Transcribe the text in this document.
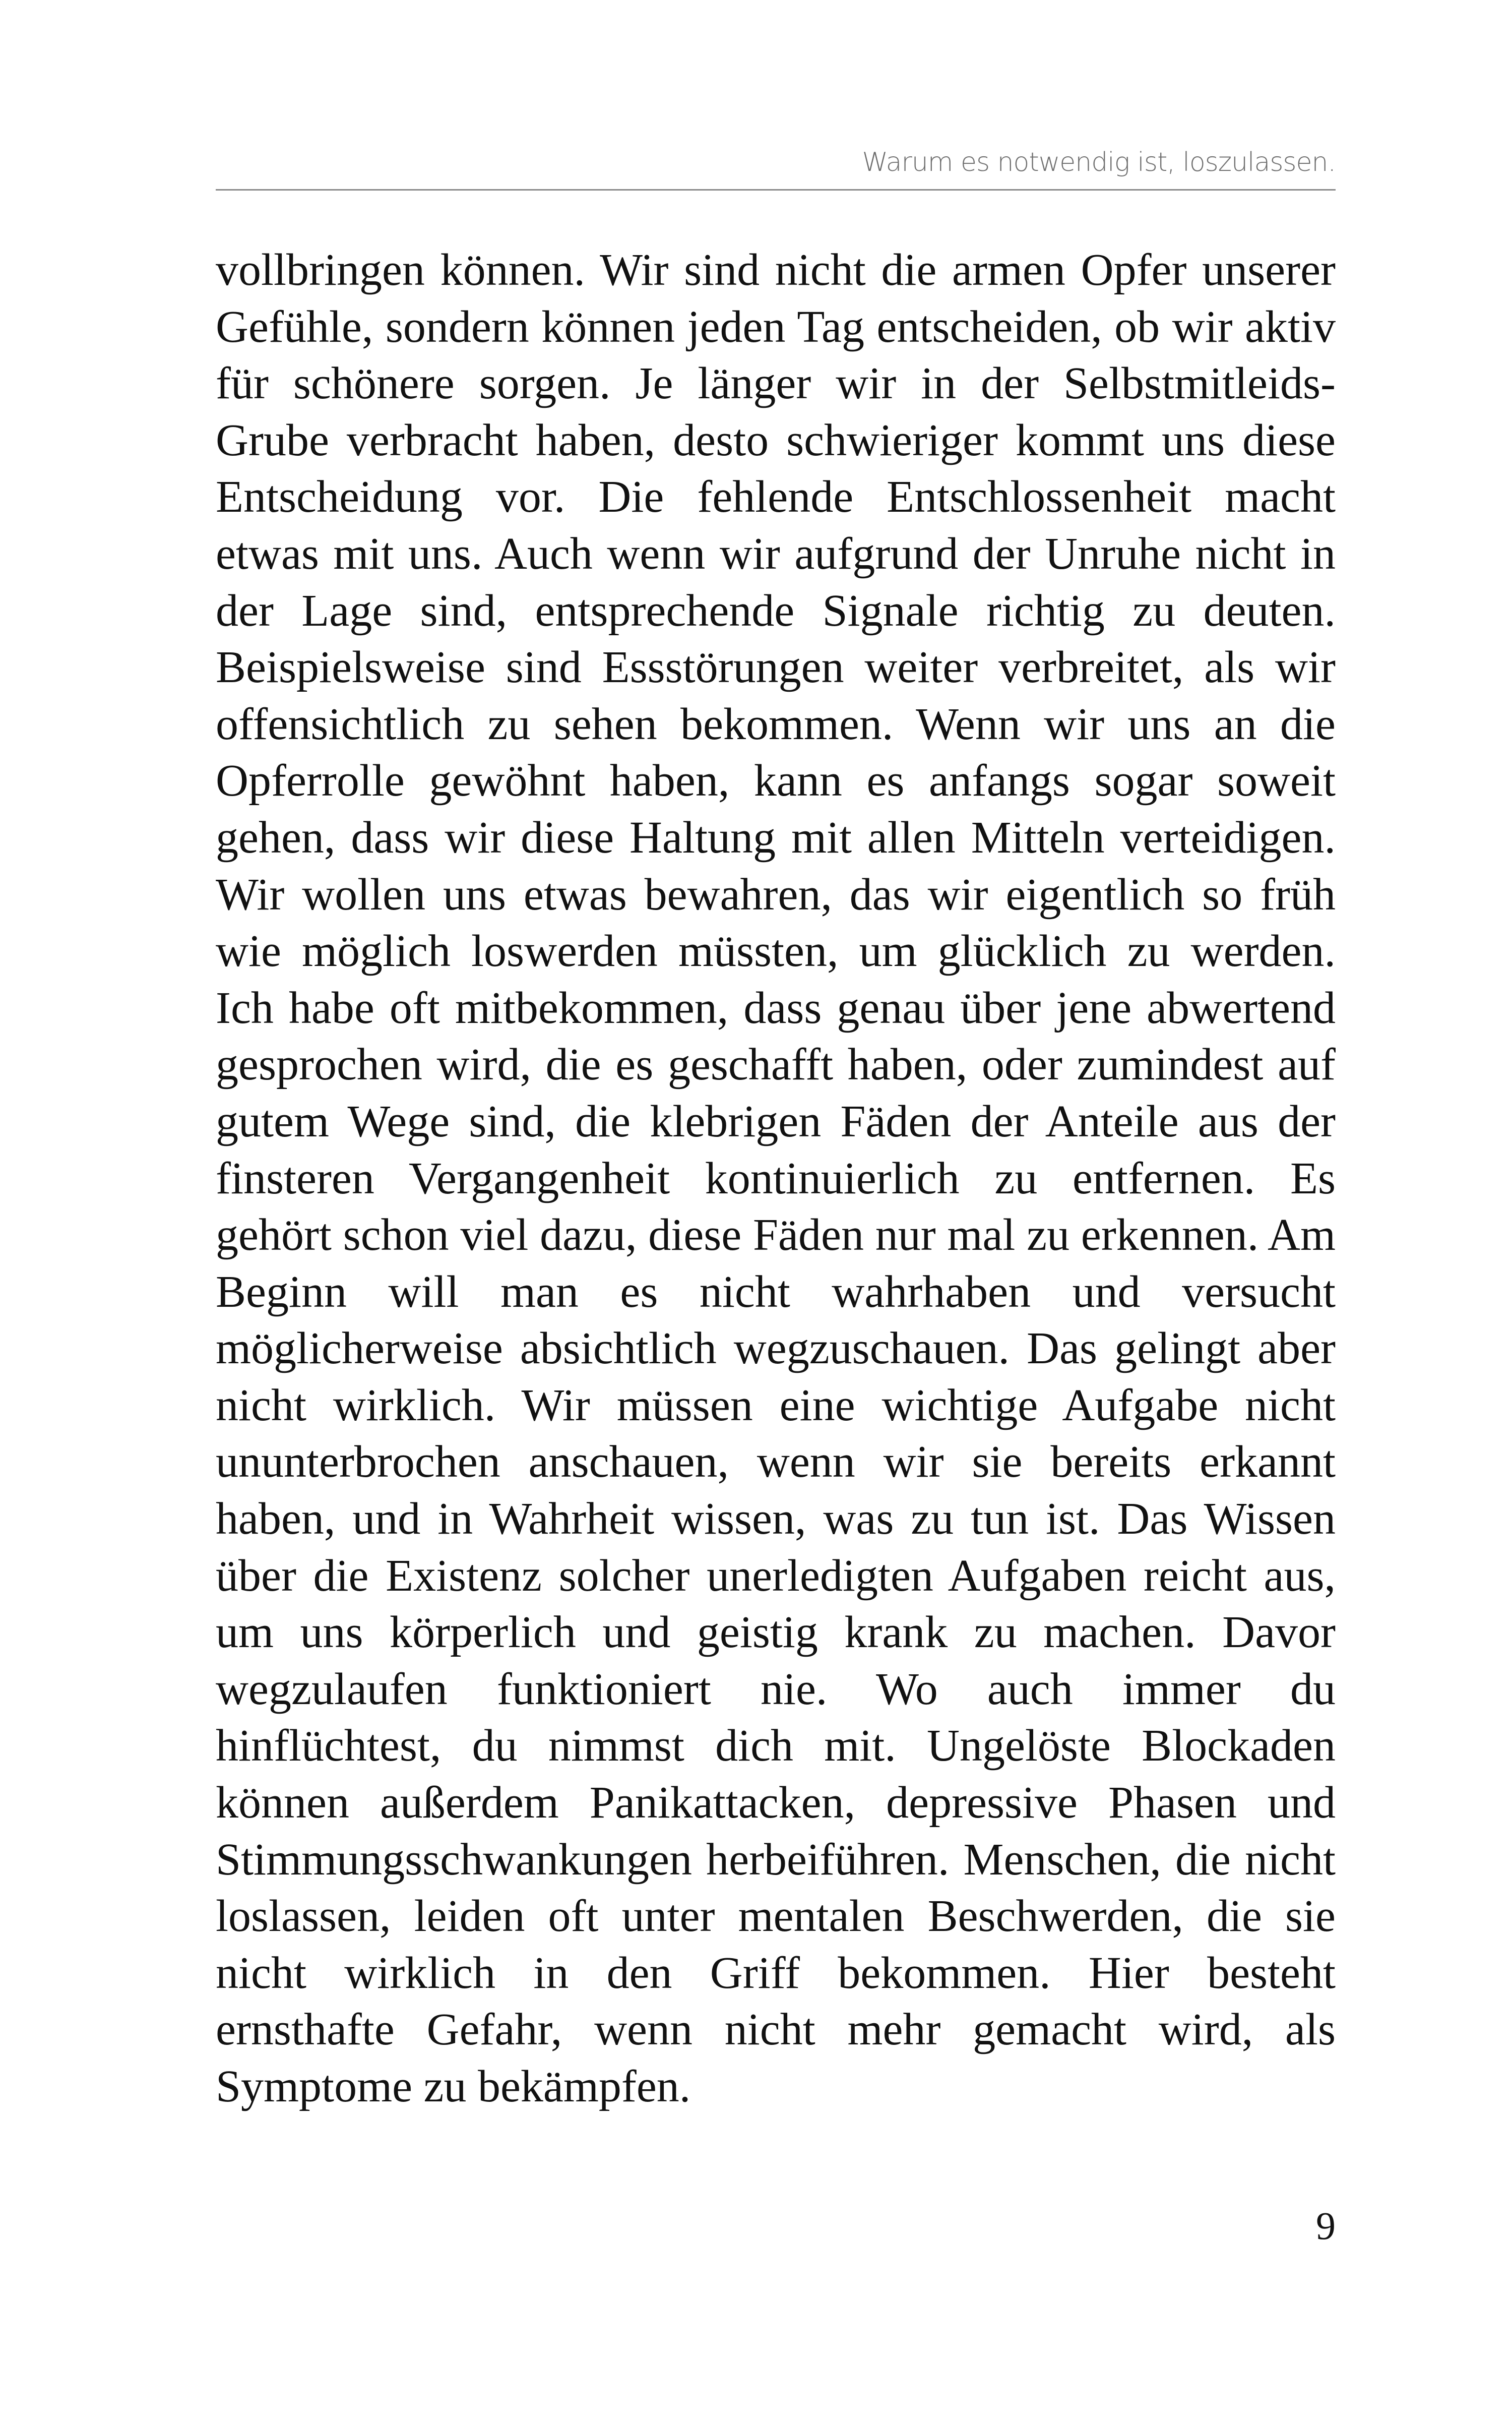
Warum es notwendig ist, loszulassen.

vollbringen können. Wir sind nicht die armen Opfer unserer Gefühle, sondern können jeden Tag entscheiden, ob wir aktiv für schönere sorgen. Je länger wir in der Selbstmitleids-Grube verbracht haben, desto schwieriger kommt uns diese Entscheidung vor. Die fehlende Entschlossenheit macht etwas mit uns. Auch wenn wir aufgrund der Unruhe nicht in der Lage sind, entsprechende Signale richtig zu deuten. Beispielsweise sind Essstörungen weiter verbreitet, als wir offensichtlich zu sehen bekommen. Wenn wir uns an die Opferrolle gewöhnt haben, kann es anfangs sogar soweit gehen, dass wir diese Haltung mit allen Mitteln verteidigen. Wir wollen uns etwas bewahren, das wir eigentlich so früh wie möglich loswerden müssten, um glücklich zu werden. Ich habe oft mitbekommen, dass genau über jene abwertend gesprochen wird, die es geschafft haben, oder zumindest auf gutem Wege sind, die klebrigen Fäden der Anteile aus der finsteren Vergangenheit kontinuierlich zu entfernen. Es gehört schon viel dazu, diese Fäden nur mal zu erkennen. Am Beginn will man es nicht wahrhaben und versucht möglicherweise absichtlich wegzuschauen. Das gelingt aber nicht wirklich. Wir müssen eine wichtige Aufgabe nicht ununterbrochen anschauen, wenn wir sie bereits erkannt haben, und in Wahrheit wissen, was zu tun ist. Das Wissen über die Existenz solcher unerledigten Aufgaben reicht aus, um uns körperlich und geistig krank zu machen. Davor wegzulaufen funktioniert nie. Wo auch immer du hinflüchtest, du nimmst dich mit. Ungelöste Blockaden können außerdem Panikattacken, depressive Phasen und Stimmungsschwankungen herbeiführen. Menschen, die nicht loslassen, leiden oft unter mentalen Beschwerden, die sie nicht wirklich in den Griff bekommen. Hier besteht ernsthafte Gefahr, wenn nicht mehr gemacht wird, als Symptome zu bekämpfen.

9
